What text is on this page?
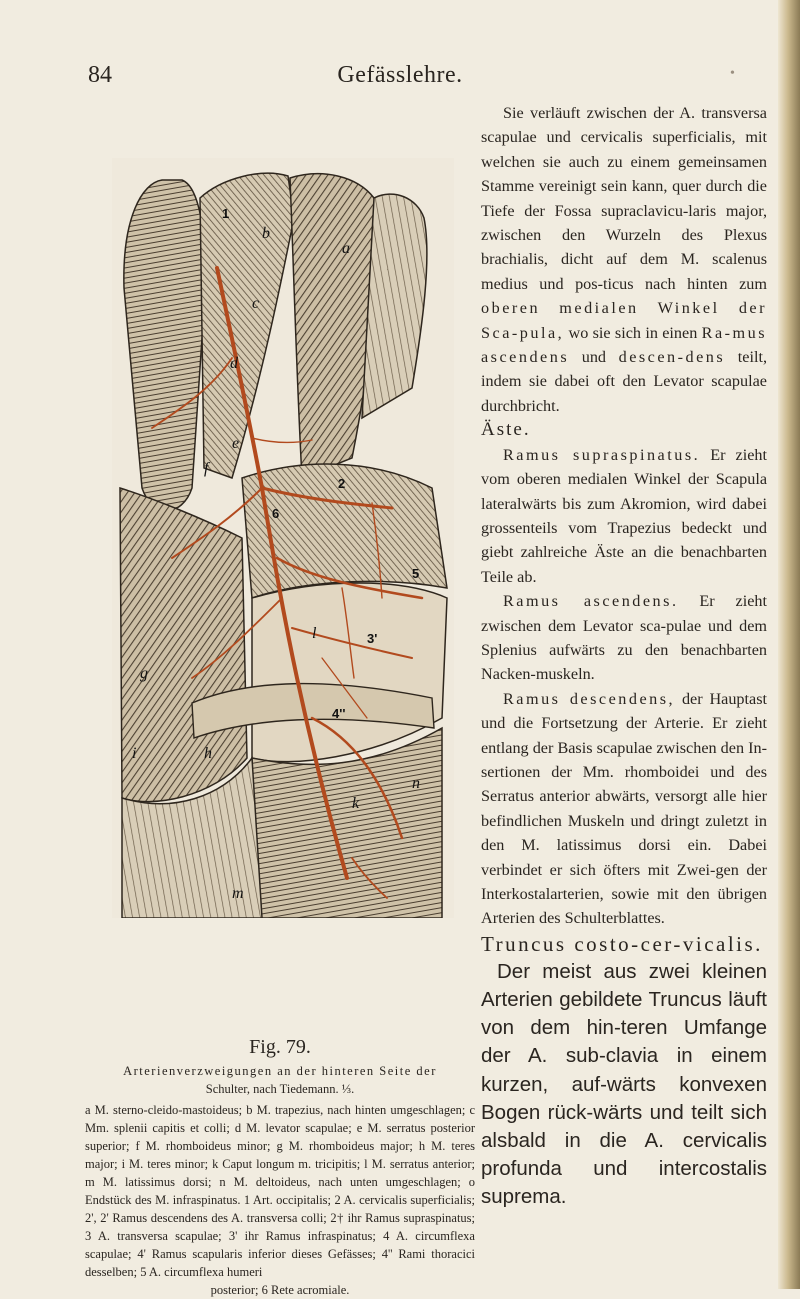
84	Gefässlehre.	•
a
b
c
d
e
f
g
h
i
k
l
m
n
2
4''
3'
6
5
1
Fig. 79.

Arterienverzweigungen an der hinteren Seite der

Schulter, nach Tiedemann. ⅓.

a M. sterno-cleido-mastoideus; b M. trapezius, nach hinten umgeschlagen; c Mm. splenii capitis et colli; d M. levator scapulae; e M. serratus posterior superior; f M. rhomboideus minor; g M. rhomboideus major; h M. teres major; i M. teres minor; k Caput longum m. tricipitis; l M. serratus anterior; m M. latissimus dorsi; n M. deltoideus, nach unten umgeschlagen; o Endstück des M. infraspinatus. 1 Art. occipitalis; 2 A. cervicalis superficialis; 2', 2' Ramus descendens des A. transversa colli; 2† ihr Ramus supraspinatus; 3 A. transversa scapulae; 3' ihr Ramus infraspinatus; 4 A. circumflexa scapulae; 4' Ramus scapularis inferior dieses Gefässes; 4'' Rami thoracici desselben; 5 A. circumflexa humeri

posterior; 6 Rete acromiale.

Sie verläuft zwischen der A. transversa scapulae und cervicalis superficialis, mit welchen sie auch zu einem gemeinsamen Stamme vereinigt sein kann, quer durch die Tiefe der Fossa supraclavicu-laris major, zwischen den Wurzeln des Plexus brachialis, dicht auf dem M. scalenus medius und pos-ticus nach hinten zum oberen medialen Winkel der Sca-pula, wo sie sich in einen Ra-mus ascendens und descen-dens teilt, indem sie dabei oft den Levator scapulae durchbricht.

Äste.

Ramus supraspinatus. Er zieht vom oberen medialen Winkel der Scapula lateralwärts bis zum Akromion, wird dabei grossenteils vom Trapezius bedeckt und giebt zahlreiche Äste an die benachbarten Teile ab.

Ramus ascendens. Er zieht zwischen dem Levator sca-pulae und dem Splenius aufwärts zu den benachbarten Nacken-muskeln.

Ramus descendens, der Hauptast und die Fortsetzung der Arterie. Er zieht entlang der Basis scapulae zwischen den In-sertionen der Mm. rhomboidei und des Serratus anterior abwärts, versorgt alle hier befindlichen Muskeln und dringt zuletzt in den M. latissimus dorsi ein. Dabei verbindet er sich öfters mit Zwei-gen der Interkostalarterien, sowie mit den übrigen Arterien des Schulterblattes.

Truncus costo-cer-vicalis.

Der meist aus zwei kleinen Arterien gebildete Truncus läuft von dem hin-teren Umfange der A. sub-clavia in einem kurzen, auf-wärts konvexen Bogen rück-wärts und teilt sich alsbald in die A. cervicalis profunda und intercostalis suprema.
